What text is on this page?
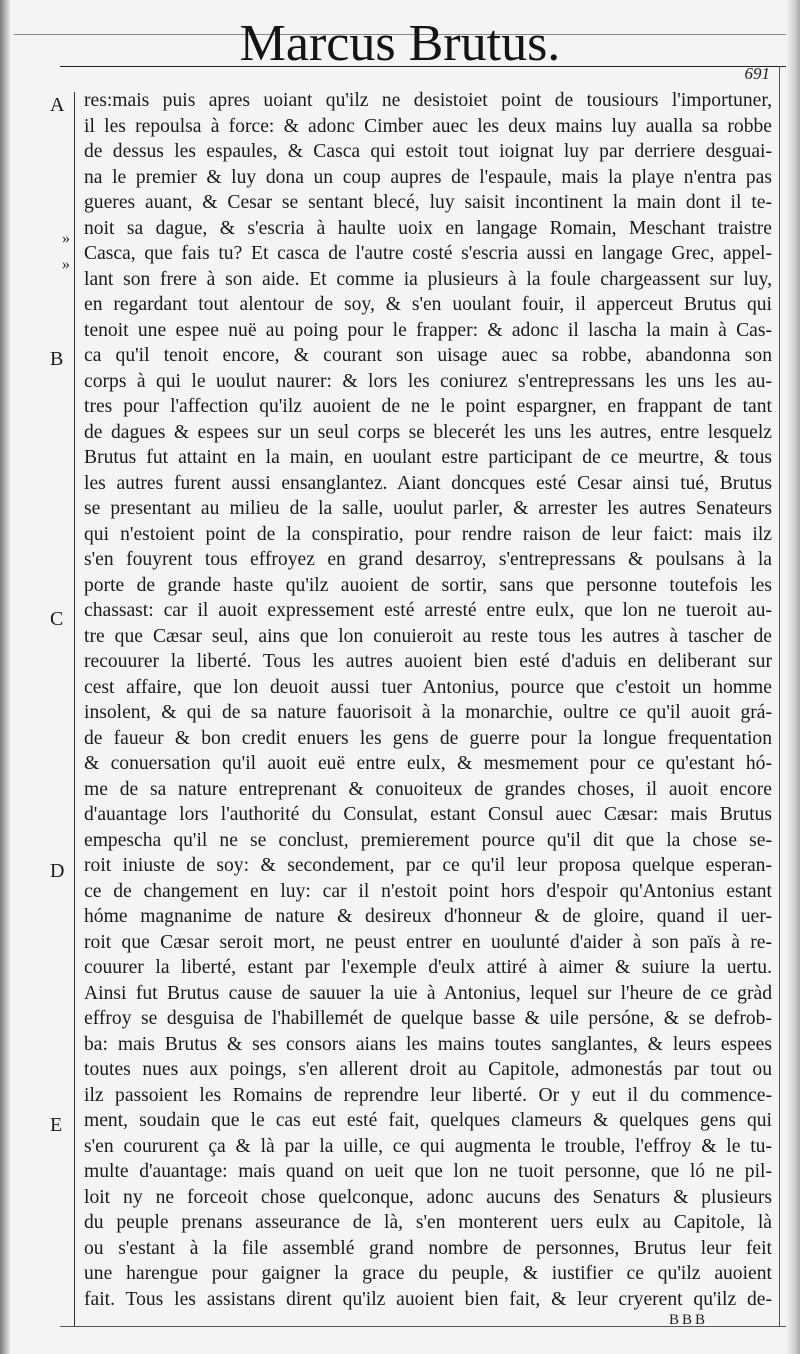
Marcus Brutus.
691
A
B
C
D
E
»
»
res:mais puis apres uoiant qu'ilz ne desistoiet point de tousiours l'importuner,
il les repoulsa à force: & adonc Cimber auec les deux mains luy aualla sa robbe
de dessus les espaules, & Casca qui estoit tout ioignat luy par derriere desguai-
na le premier & luy dona un coup aupres de l'espaule, mais la playe n'entra pas
gueres auant, & Cesar se sentant blecé, luy saisit incontinent la main dont il te-
noit sa dague, & s'escria à haulte uoix en langage Romain, Meschant traistre
Casca, que fais tu? Et casca de l'autre costé s'escria aussi en langage Grec, appel-
lant son frere à son aide. Et comme ia plusieurs à la foule chargeassent sur luy,
en regardant tout alentour de soy, & s'en uoulant fouir, il apperceut Brutus qui
tenoit une espee nuë au poing pour le frapper: & adonc il lascha la main à Cas-
ca qu'il tenoit encore, & courant son uisage auec sa robbe, abandonna son
corps à qui le uoulut naurer: & lors les coniurez s'entrepressans les uns les au-
tres pour l'affection qu'ilz auoient de ne le point espargner, en frappant de tant
de dagues & espees sur un seul corps se blecerét les uns les autres, entre lesquelz
Brutus fut attaint en la main, en uoulant estre participant de ce meurtre, & tous
les autres furent aussi ensanglantez. Aiant doncques esté Cesar ainsi tué, Brutus
se presentant au milieu de la salle, uoulut parler, & arrester les autres Senateurs
qui n'estoient point de la conspiratio, pour rendre raison de leur faict: mais ilz
s'en fouyrent tous effroyez en grand desarroy, s'entrepressans & poulsans à la
porte de grande haste qu'ilz auoient de sortir, sans que personne toutefois les
chassast: car il auoit expressement esté arresté entre eulx, que lon ne tueroit au-
tre que Cæsar seul, ains que lon conuieroit au reste tous les autres à tascher de
recouurer la liberté. Tous les autres auoient bien esté d'aduis en deliberant sur
cest affaire, que lon deuoit aussi tuer Antonius, pource que c'estoit un homme
insolent, & qui de sa nature fauorisoit à la monarchie, oultre ce qu'il auoit grá-
de faueur & bon credit enuers les gens de guerre pour la longue frequentation
& conuersation qu'il auoit euë entre eulx, & mesmement pour ce qu'estant hó-
me de sa nature entreprenant & conuoiteux de grandes choses, il auoit encore
d'auantage lors l'authorité du Consulat, estant Consul auec Cæsar: mais Brutus
empescha qu'il ne se conclust, premierement pource qu'il dit que la chose se-
roit iniuste de soy: & secondement, par ce qu'il leur proposa quelque esperan-
ce de changement en luy: car il n'estoit point hors d'espoir qu'Antonius estant
hóme magnanime de nature & desireux d'honneur & de gloire, quand il uer-
roit que Cæsar seroit mort, ne peust entrer en uoulunté d'aider à son païs à re-
couurer la liberté, estant par l'exemple d'eulx attiré à aimer & suiure la uertu.
Ainsi fut Brutus cause de sauuer la uie à Antonius, lequel sur l'heure de ce gràd
effroy se desguisa de l'habillemét de quelque basse & uile persóne, & se defrob-
ba: mais Brutus & ses consors aians les mains toutes sanglantes, & leurs espees
toutes nues aux poings, s'en allerent droit au Capitole, admonestás par tout ou
ilz passoient les Romains de reprendre leur liberté. Or y eut il du commence-
ment, soudain que le cas eut esté fait, quelques clameurs & quelques gens qui
s'en coururent ça & là par la uille, ce qui augmenta le trouble, l'effroy & le tu-
multe d'auantage: mais quand on ueit que lon ne tuoit personne, que ló ne pil-
loit ny ne forceoit chose quelconque, adonc aucuns des Senaturs & plusieurs
du peuple prenans asseurance de là, s'en monterent uers eulx au Capitole, là
ou s'estant à la file assemblé grand nombre de personnes, Brutus leur feit
une harengue pour gaigner la grace du peuple, & iustifier ce qu'ilz auoient
fait. Tous les assistans dirent qu'ilz auoient bien fait, & leur cryerent qu'ilz de-
BBB
